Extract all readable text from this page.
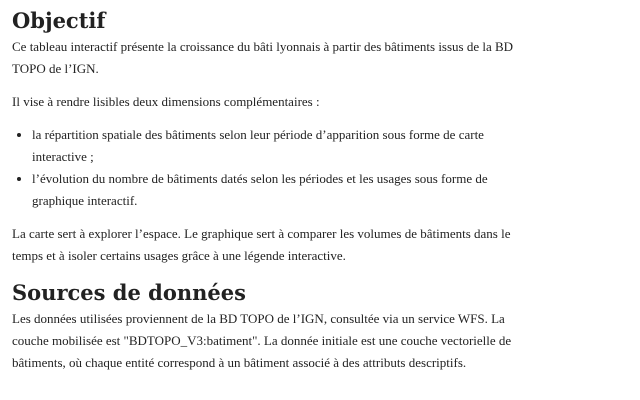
Objectif

Ce tableau interactif présente la croissance du bâti lyonnais à partir des bâtiments issus de la BD TOPO de l’IGN.

Il vise à rendre lisibles deux dimensions complémentaires :

• la répartition spatiale des bâtiments selon leur période d’apparition sous forme de carte interactive ;
• l’évolution du nombre de bâtiments datés selon les périodes et les usages sous forme de graphique interactif.

La carte sert à explorer l’espace. Le graphique sert à comparer les volumes de bâtiments dans le temps et à isoler certains usages grâce à une légende interactive.

Sources de données

Les données utilisées proviennent de la BD TOPO de l’IGN, consultée via un service WFS. La couche mobilisée est "BDTOPO_V3:batiment". La donnée initiale est une couche vectorielle de bâtiments, où chaque entité correspond à un bâtiment associé à des attributs descriptifs.
